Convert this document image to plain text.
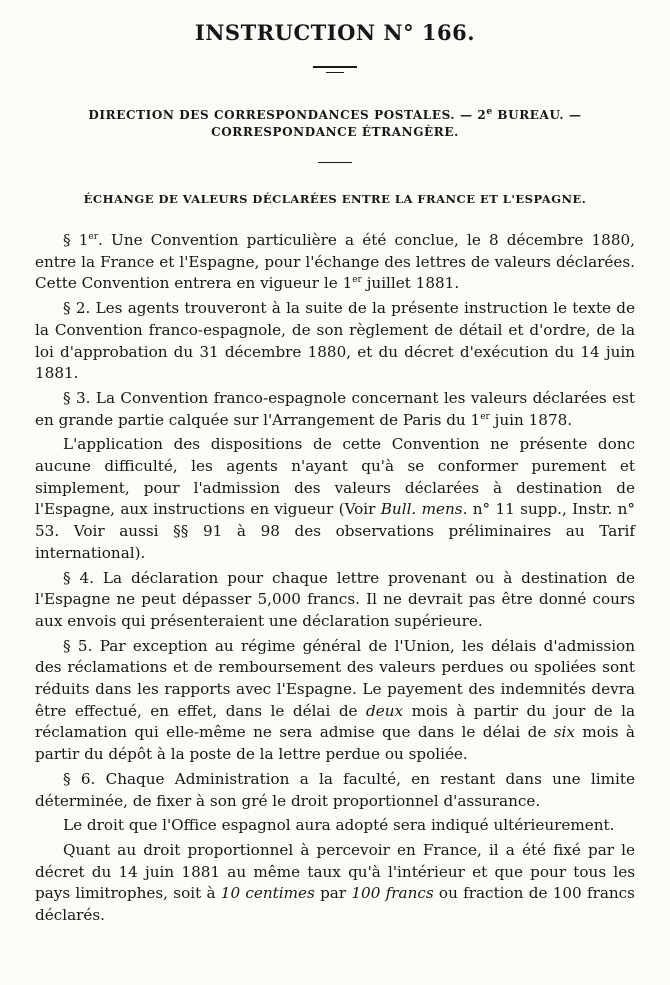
INSTRUCTION N° 166.
DIRECTION DES CORRESPONDANCES POSTALES. — 2e BUREAU. —
CORRESPONDANCE ÉTRANGÈRE.
ÉCHANGE DE VALEURS DÉCLARÉES ENTRE LA FRANCE ET L'ESPAGNE.

§ 1er. Une Convention particulière a été conclue, le 8 décembre 1880, entre la France et l'Espagne, pour l'échange des lettres de valeurs déclarées. Cette Convention entrera en vigueur le 1er juillet 1881.

§ 2. Les agents trouveront à la suite de la présente instruction le texte de la Convention franco-espagnole, de son règlement de détail et d'ordre, de la loi d'approbation du 31 décembre 1880, et du décret d'exécution du 14 juin 1881.

§ 3. La Convention franco-espagnole concernant les valeurs déclarées est en grande partie calquée sur l'Arrangement de Paris du 1er juin 1878.

L'application des dispositions de cette Convention ne présente donc aucune difficulté, les agents n'ayant qu'à se conformer purement et simplement, pour l'admission des valeurs déclarées à destination de l'Espagne, aux instructions en vigueur (Voir Bull. mens. n° 11 supp., Instr. n° 53. Voir aussi §§ 91 à 98 des observations préliminaires au Tarif international).

§ 4. La déclaration pour chaque lettre provenant ou à destination de l'Espagne ne peut dépasser 5,000 francs. Il ne devrait pas être donné cours aux envois qui présenteraient une déclaration supérieure.

§ 5. Par exception au régime général de l'Union, les délais d'admission des réclamations et de remboursement des valeurs perdues ou spoliées sont réduits dans les rapports avec l'Espagne. Le payement des indemnités devra être effectué, en effet, dans le délai de deux mois à partir du jour de la réclamation qui elle-même ne sera admise que dans le délai de six mois à partir du dépôt à la poste de la lettre perdue ou spoliée.

§ 6. Chaque Administration a la faculté, en restant dans une limite déterminée, de fixer à son gré le droit proportionnel d'assurance.

Le droit que l'Office espagnol aura adopté sera indiqué ultérieurement.

Quant au droit proportionnel à percevoir en France, il a été fixé par le décret du 14 juin 1881 au même taux qu'à l'intérieur et que pour tous les pays limitrophes, soit à 10 centimes par 100 francs ou fraction de 100 francs déclarés.
